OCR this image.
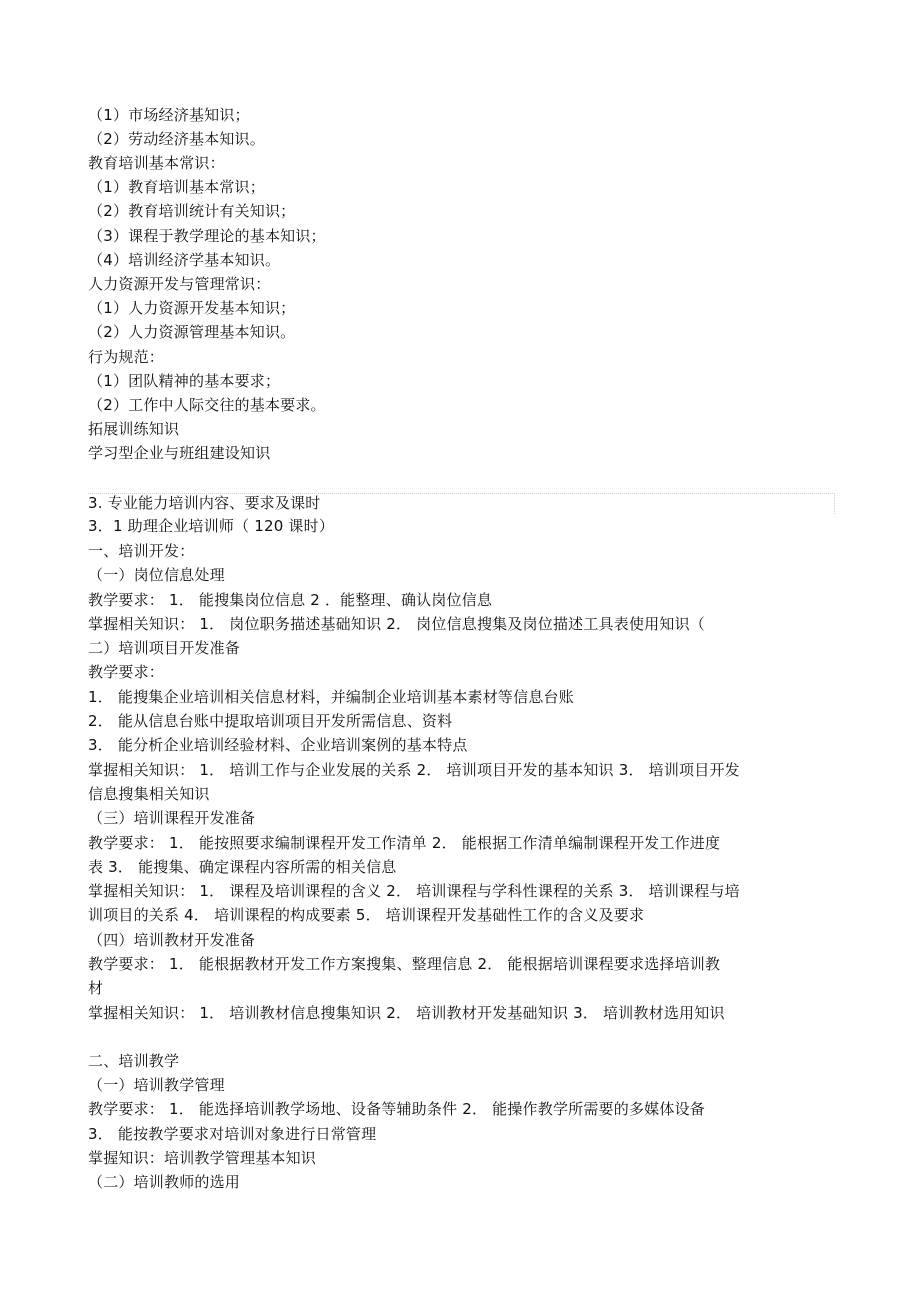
（1）市场经济基知识；
（2）劳动经济基本知识。
教育培训基本常识：
（1）教育培训基本常识；
（2）教育培训统计有关知识；
（3）课程于教学理论的基本知识；
（4）培训经济学基本知识。
人力资源开发与管理常识：
（1）人力资源开发基本知识；
（2）人力资源管理基本知识。
行为规范：
（1）团队精神的基本要求；
（2）工作中人际交往的基本要求。
拓展训练知识
学习型企业与班组建设知识
3. 专业能力培训内容、要求及课时
3．1 助理企业培训师（ 120 课时）
一、培训开发：
（一）岗位信息处理
教学要求： 1． 能搜集岗位信息 2 ．能整理、确认岗位信息
掌握相关知识： 1． 岗位职务描述基础知识 2． 岗位信息搜集及岗位描述工具表使用知识（
二）培训项目开发准备
教学要求：
1． 能搜集企业培训相关信息材料，并编制企业培训基本素材等信息台账
2． 能从信息台账中提取培训项目开发所需信息、资料
3． 能分析企业培训经验材料、企业培训案例的基本特点
掌握相关知识： 1． 培训工作与企业发展的关系 2． 培训项目开发的基本知识 3． 培训项目开发
信息搜集相关知识
（三）培训课程开发准备
教学要求： 1． 能按照要求编制课程开发工作清单 2． 能根据工作清单编制课程开发工作进度
表 3． 能搜集、确定课程内容所需的相关信息
掌握相关知识： 1． 课程及培训课程的含义 2． 培训课程与学科性课程的关系 3． 培训课程与培
训项目的关系 4． 培训课程的构成要素 5． 培训课程开发基础性工作的含义及要求
（四）培训教材开发准备
教学要求： 1． 能根据教材开发工作方案搜集、整理信息 2． 能根据培训课程要求选择培训教
材
掌握相关知识： 1． 培训教材信息搜集知识 2． 培训教材开发基础知识 3． 培训教材选用知识
二、培训教学
（一）培训教学管理
教学要求： 1． 能选择培训教学场地、设备等辅助条件 2． 能操作教学所需要的多媒体设备
3． 能按教学要求对培训对象进行日常管理
掌握知识：培训教学管理基本知识
（二）培训教师的选用
